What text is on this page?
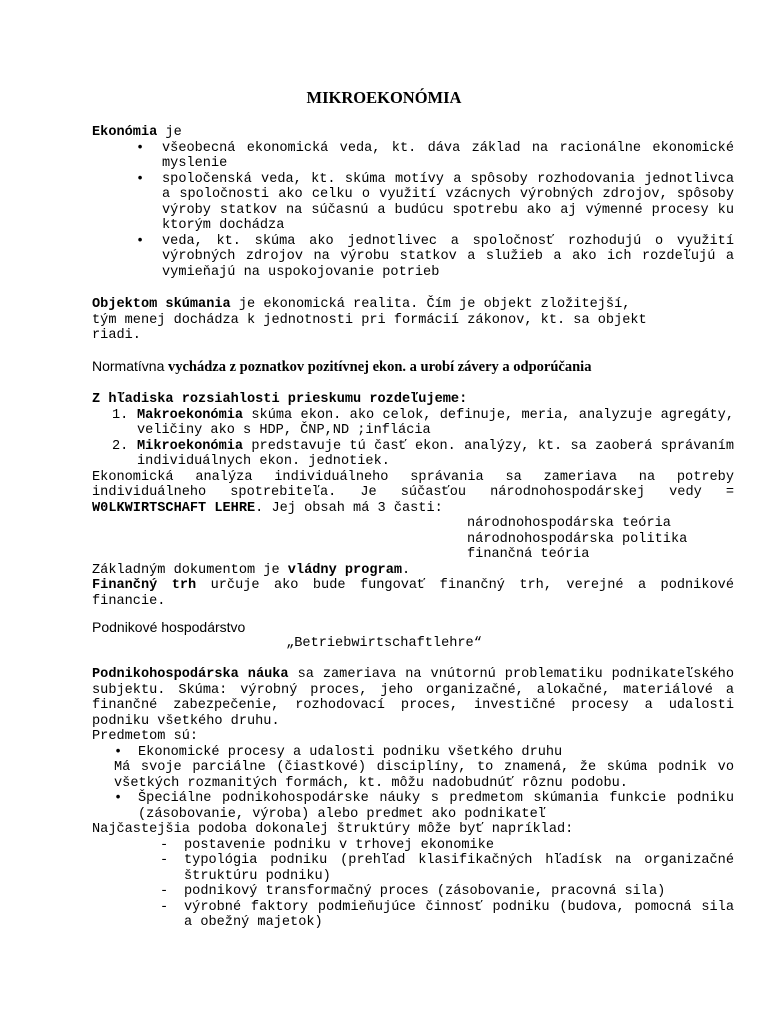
MIKROEKONÓMIA
Ekonómia je
• všeobecná ekonomická veda, kt. dáva základ na racionálne ekonomické myslenie
• spoločenská veda, kt. skúma motívy a spôsoby rozhodovania jednotlivca a spoločnosti ako celku o využití vzácnych výrobných zdrojov, spôsoby výroby statkov na súčasnú a budúcu spotrebu ako aj výmenné procesy ku ktorým dochádza
• veda, kt. skúma ako jednotlivec a spoločnosť rozhodujú o využití výrobných zdrojov na výrobu statkov a služieb a ako ich rozdeľujú a vymieňajú na uspokojovanie potrieb
Objektom skúmania je ekonomická realita. Čím je objekt zložitejší,
tým menej dochádza k jednotnosti pri formácií zákonov, kt. sa objekt
riadi.
Normatívna vychádza z poznatkov pozitívnej ekon. a urobí závery a odporúčania
Z hľadiska rozsiahlosti prieskumu rozdeľujeme:
1. Makroekonómia skúma ekon. ako celok, definuje, meria, analyzuje agregáty, veličiny ako s HDP, ČNP,ND ;inflácia
2. Mikroekonómia predstavuje tú časť ekon. analýzy, kt. sa zaoberá správaním individuálnych ekon. jednotiek.
Ekonomická analýza individuálneho správania sa zameriava na potreby individuálneho spotrebiteľa. Je súčasťou národnohospodárskej vedy = W0LKWIRTSCHAFT LEHRE. Jej obsah má 3 časti:
národnohospodárska teória
národnohospodárska politika
finančná teória
Základným dokumentom je vládny program.
Finančný trh určuje ako bude fungovať finančný trh, verejné a podnikové financie.
Podnikové hospodárstvo
„Betriebwirtschaftlehre“
Podnikohospodárska náuka sa zameriava na vnútornú problematiku podnikateľského subjektu. Skúma: výrobný proces, jeho organizačné, alokačné, materiálové a finančné zabezpečenie, rozhodovací proces, investičné procesy a udalosti podniku všetkého druhu.
Predmetom sú:
• Ekonomické procesy a udalosti podniku všetkého druhu
Má svoje parciálne (čiastkové) disciplíny, to znamená, že skúma podnik vo všetkých rozmanitých formách, kt. môžu nadobudnúť rôznu podobu.
• Špeciálne podnikohospodárske náuky s predmetom skúmania funkcie podniku (zásobovanie, výroba) alebo predmet ako podnikateľ
Najčastejšia podoba dokonalej štruktúry môže byť napríklad:
- postavenie podniku v trhovej ekonomike
- typológia podniku (prehľad klasifikačných hľadísk na organizačné štruktúru podniku)
- podnikový transformačný proces (zásobovanie, pracovná sila)
- výrobné faktory podmieňujúce činnosť podniku (budova, pomocná sila a obežný majetok)
